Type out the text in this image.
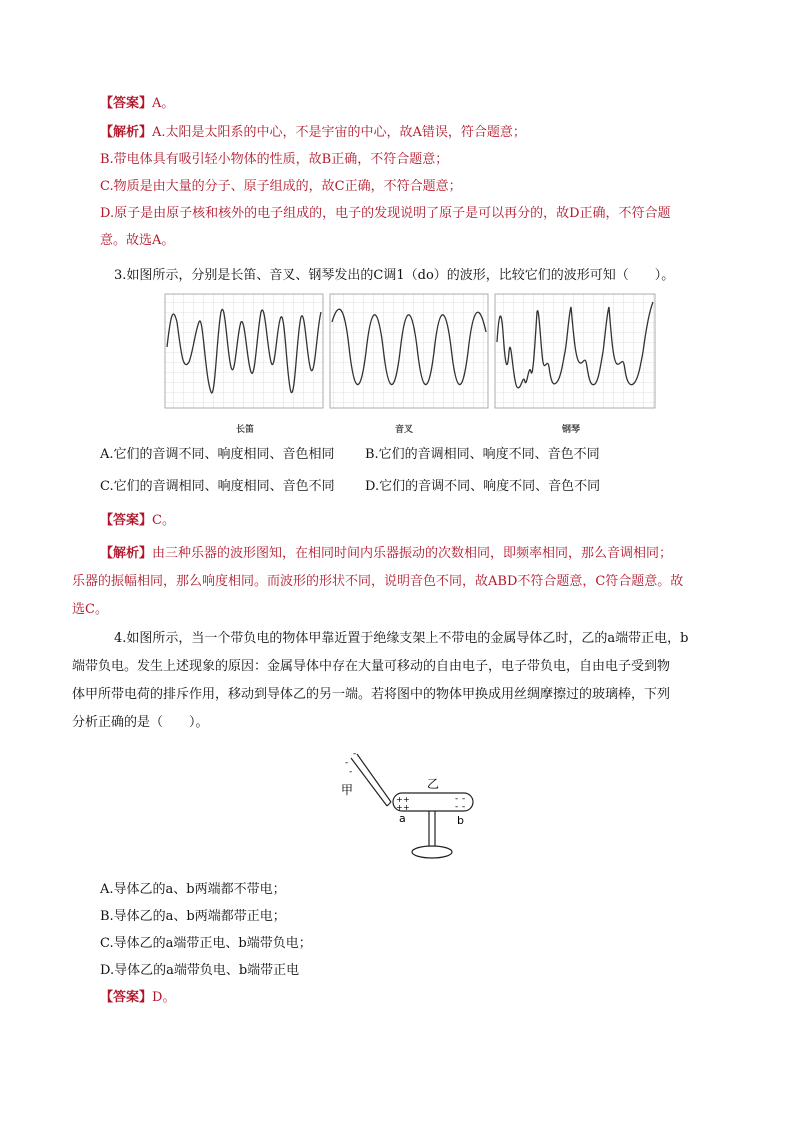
【答案】A。
【解析】A.太阳是太阳系的中心，不是宇宙的中心，故A错误，符合题意；
B.带电体具有吸引轻小物体的性质，故B正确，不符合题意；
C.物质是由大量的分子、原子组成的，故C正确，不符合题意；
D.原子是由原子核和核外的电子组成的，电子的发现说明了原子是可以再分的，故D正确，不符合题
意。故选A。
3.如图所示，分别是长笛、音叉、钢琴发出的C调1（do）的波形，比较它们的波形可知（　　）。
长笛	音叉	钢琴
A.它们的音调不同、响度相同、音色相同 B.它们的音调相同、响度不同、音色不同
C.它们的音调相同、响度相同、音色不同 D.它们的音调不同、响度不同、音色不同
【答案】C。
【解析】由三种乐器的波形图知，在相同时间内乐器振动的次数相同，即频率相同，那么音调相同；
乐器的振幅相同，那么响度相同。而波形的形状不同，说明音色不同，故ABD不符合题意，C符合题意。故
选C。
4.如图所示，当一个带负电的物体甲靠近置于绝缘支架上不带电的金属导体乙时，乙的a端带正电，b
端带负电。发生上述现象的原因：金属导体中存在大量可移动的自由电子，电子带负电，自由电子受到物
体甲所带电荷的排斥作用，移动到导体乙的另一端。若将图中的物体甲换成用丝绸摩擦过的玻璃棒，下列
分析正确的是（　　）。
-
-
-
甲	乙
+ +
+ +
- -
- -
a	b
A.导体乙的a、b两端都不带电；
B.导体乙的a、b两端都带正电；
C.导体乙的a端带正电、b端带负电；
D.导体乙的a端带负电、b端带正电
【答案】D。
